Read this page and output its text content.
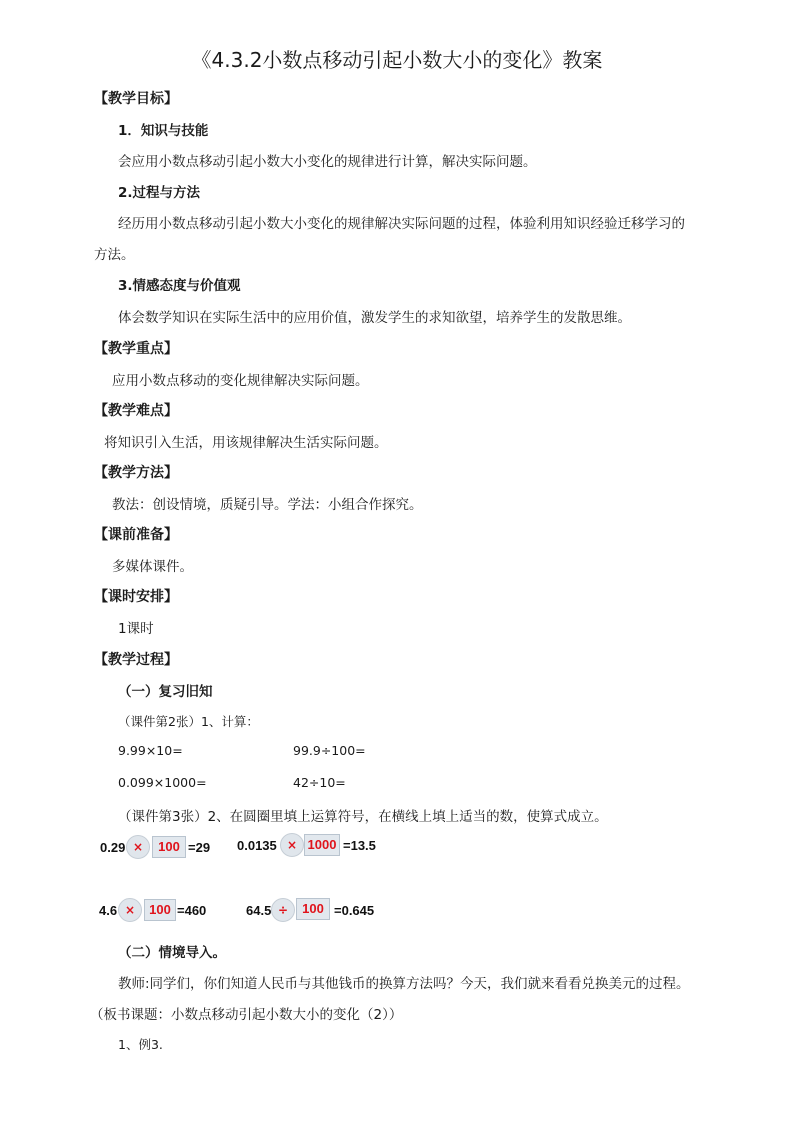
《4.3.2小数点移动引起小数大小的变化》教案
【教学目标】
1．知识与技能
会应用小数点移动引起小数大小变化的规律进行计算，解决实际问题。
2.过程与方法
经历用小数点移动引起小数大小变化的规律解决实际问题的过程，体验利用知识经验迁移学习的
方法。
3.情感态度与价值观
体会数学知识在实际生活中的应用价值，激发学生的求知欲望，培养学生的发散思维。
【教学重点】
应用小数点移动的变化规律解决实际问题。
【教学难点】
将知识引入生活，用该规律解决生活实际问题。
【教学方法】
教法：创设情境，质疑引导。学法：小组合作探究。
【课前准备】
多媒体课件。
【课时安排】
1课时
【教学过程】
（一）复习旧知
（课件第2张）1、计算：
9.99×10=	99.9÷100=
0.099×1000=	42÷10=
（课件第3张）2、在圆圈里填上运算符号，在横线上填上适当的数，使算式成立。
0.29 ×	100 =29 0.0135 × 1000 =13.5
4.6 ×	100 =460	64.5 ÷	100 =0.645
（二）情境导入。
教师:同学们，你们知道人民币与其他钱币的换算方法吗？今天，我们就来看看兑换美元的过程。
（板书课题：小数点移动引起小数大小的变化（2））
1、例3.
